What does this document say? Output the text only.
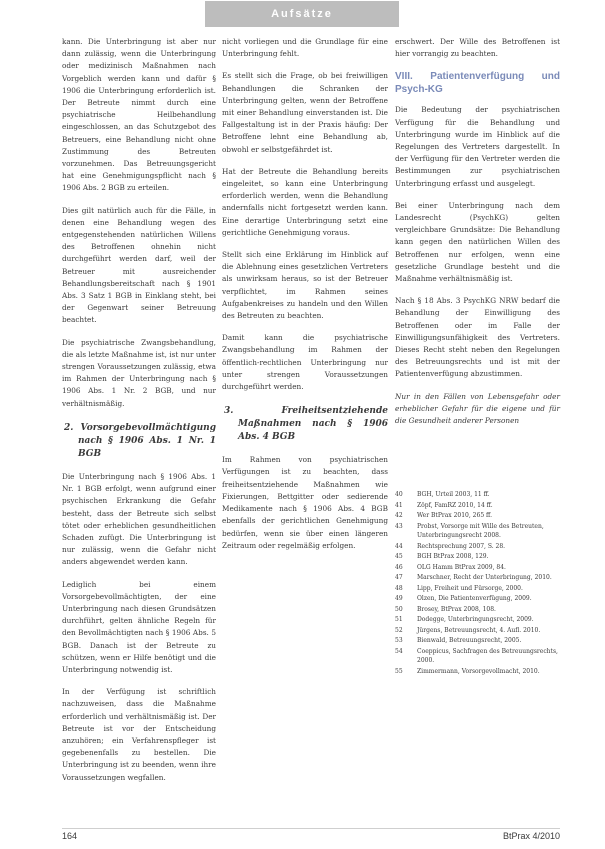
Aufsätze

kann. Die Unterbringung ist aber nur dann zulässig, wenn die Unterbringung oder medizinisch Maßnahmen nach Vorgeblich werden kann und dafür § 1906 die Unterbringung erforderlich ist. Der Betreute nimmt durch eine psychiatrische Heilbehandlung eingeschlossen, an das Schutzgebot des Betreuers, eine Behandlung nicht ohne Zustimmung des Betreuten vorzunehmen. Das Betreuungsgericht hat eine Genehmigungspflicht nach § 1906 Abs. 2 BGB zu erteilen.

Dies gilt natürlich auch für die Fälle, in denen eine Behandlung wegen des entgegenstehenden natürlichen Willens des Betroffenen ohnehin nicht durchgeführt werden darf, weil der Betreuer mit ausreichender Behandlungsbereitschaft nach § 1901 Abs. 3 Satz 1 BGB in Einklang steht, bei der Gegenwart seiner Betreuung beachtet.

Die psychiatrische Zwangsbehandlung, die als letzte Maßnahme ist, ist nur unter strengen Voraussetzungen zulässig, etwa im Rahmen der Unterbringung nach § 1906 Abs. 1 Nr. 2 BGB, und nur verhältnismäßig.

2. Vorsorgebevollmächtigung nach § 1906 Abs. 1 Nr. 1 BGB

Die Unterbringung nach § 1906 Abs. 1 Nr. 1 BGB erfolgt, wenn aufgrund einer psychischen Erkrankung die Gefahr besteht, dass der Betreute sich selbst tötet oder erheblichen gesundheitlichen Schaden zufügt. Die Unterbringung ist nur zulässig, wenn die Gefahr nicht anders abgewendet werden kann.

Lediglich bei einem Vorsorgebevollmächtigten, der eine Unterbringung nach diesen Grundsätzen durchführt, gelten ähnliche Regeln für den Bevollmächtigten nach § 1906 Abs. 5 BGB. Danach ist der Betreute zu schützen, wenn er Hilfe benötigt und die Unterbringung notwendig ist.

In der Verfügung ist schriftlich nachzuweisen, dass die Maßnahme erforderlich und verhältnismäßig ist. Der Betreute ist vor der Entscheidung anzuhören; ein Verfahrenspfleger ist gegebenenfalls zu bestellen. Die Unterbringung ist zu beenden, wenn ihre Voraussetzungen wegfallen.

nicht vorliegen und die Grundlage für eine Unterbringung fehlt.

Es stellt sich die Frage, ob bei freiwilligen Behandlungen die Schranken der Unterbringung gelten, wenn der Betroffene mit einer Behandlung einverstanden ist. Die Fallgestaltung ist in der Praxis häufig: Der Betroffene lehnt eine Behandlung ab, obwohl er selbstgefährdet ist.

Hat der Betreute die Behandlung bereits eingeleitet, so kann eine Unterbringung erforderlich werden, wenn die Behandlung andernfalls nicht fortgesetzt werden kann. Eine derartige Unterbringung setzt eine gerichtliche Genehmigung voraus.

Stellt sich eine Erklärung im Hinblick auf die Ablehnung eines gesetzlichen Vertreters als unwirksam heraus, so ist der Betreuer verpflichtet, im Rahmen seines Aufgabenkreises zu handeln und den Willen des Betreuten zu beachten.

Damit kann die psychiatrische Zwangsbehandlung im Rahmen der öffentlich-rechtlichen Unterbringung nur unter strengen Voraussetzungen durchgeführt werden.

3. Freiheitsentziehende Maßnahmen nach § 1906 Abs. 4 BGB

Im Rahmen von psychiatrischen Verfügungen ist zu beachten, dass freiheitsentziehende Maßnahmen wie Fixierungen, Bettgitter oder sedierende Medikamente nach § 1906 Abs. 4 BGB ebenfalls der gerichtlichen Genehmigung bedürfen, wenn sie über einen längeren Zeitraum oder regelmäßig erfolgen.

erschwert. Der Wille des Betroffenen ist hier vorrangig zu beachten.

VIII. Patientenverfügung und Psych-KG

Die Bedeutung der psychiatrischen Verfügung für die Behandlung und Unterbringung wurde im Hinblick auf die Regelungen des Vertreters dargestellt. In der Verfügung für den Vertreter werden die Bestimmungen zur psychiatrischen Unterbringung erfasst und ausgelegt.

Bei einer Unterbringung nach dem Landesrecht (PsychKG) gelten vergleichbare Grundsätze: Die Behandlung kann gegen den natürlichen Willen des Betroffenen nur erfolgen, wenn eine gesetzliche Grundlage besteht und die Maßnahme verhältnismäßig ist.

Nach § 18 Abs. 3 PsychKG NRW bedarf die Behandlung der Einwilligung des Betroffenen oder im Falle der Einwilligungsunfähigkeit des Vertreters. Dieses Recht steht neben den Regelungen des Betreuungsrechts und ist mit der Patientenverfügung abzustimmen.

Nur in den Fällen von Lebensgefahr oder erheblicher Gefahr für die eigene und für die Gesundheit anderer Personen

40	BGH, Urteil 2003, 11 ff.
41	Zöpf, FamRZ 2010, 14 ff.
42	Wer BtPrax 2010, 265 ff.
43	Probst, Vorsorge mit Wille des Betreuten, Unterbringungsrecht 2008.
44	Rechtsprechung 2007, S. 28.
45	BGH BtPrax 2008, 129.
46	OLG Hamm BtPrax 2009, 84.
47	Marschner, Recht der Unterbringung, 2010.
48	Lipp, Freiheit und Fürsorge, 2000.
49	Olzen, Die Patientenverfügung, 2009.
50	Brosey, BtPrax 2008, 108.
51	Dodegge, Unterbringungsrecht, 2009.
52	Jürgens, Betreuungsrecht, 4. Aufl. 2010.
53	Bienwald, Betreuungsrecht, 2005.
54	Coeppicus, Sachfragen des Betreuungsrechts, 2000.
55	Zimmermann, Vorsorgevollmacht, 2010.
164	BtPrax 4/2010
